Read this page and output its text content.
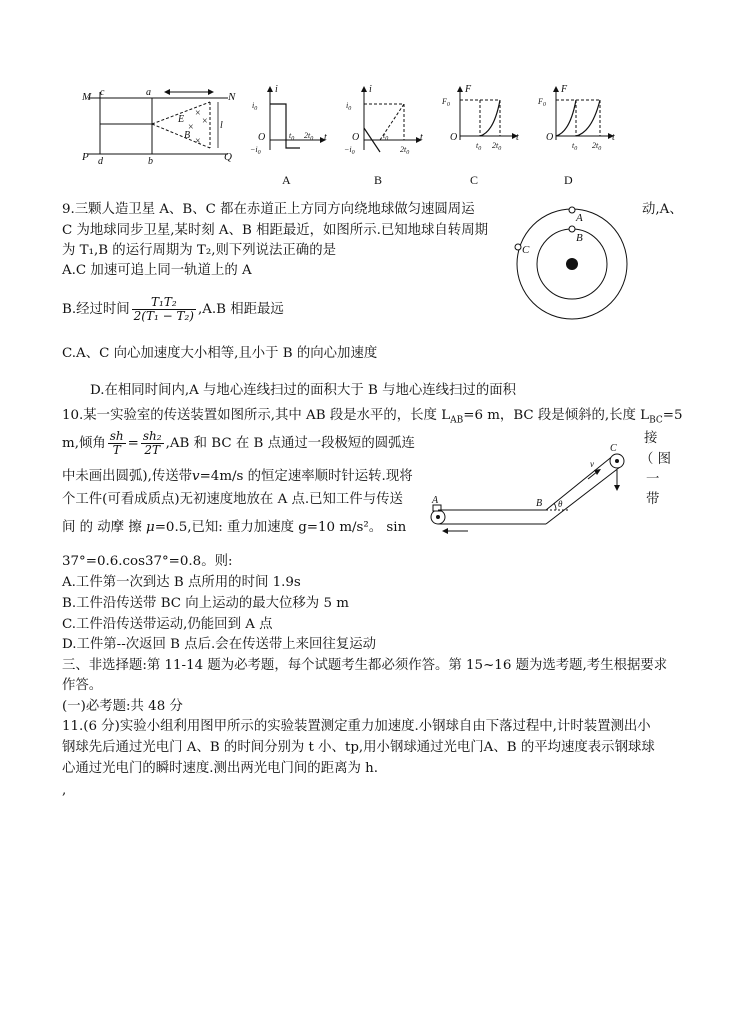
×
×
×
×
M	N
P	Q
c	a
d	b
E
B
l
i
$i_0$
$-i_0$
O	$t_0$ $2t_0$ t
A
i
$i_0$
$-i_0$
O	$t_0$
$2t_0$
t
B
F
$F_0$
O
$t_0$ $2t_0$
t
C
F
$F_0$
O
$t_0$ $2t_0$
t
D
9.三颗人造卫星 A、B、C 都在赤道正上方同方向绕地球做匀速圆周运	动,A、
C 为地球同步卫星,某时刻 A、B 相距最近，如图所示.已知地球自转周期
为 T₁,B 的运行周期为 T₂,则下列说法正确的是
A.C 加速可追上同一轨道上的 A
B.经过时间 $\frac{\text{T₁T₂}}{\text{2(T₁ − T₂)}} ,A.B$ 相距最远
C.A、C 向心加速度大小相等,且小于 B 的向心加速度
D.在相同时间内,A 与地心连线扫过的面积大于 B 与地心连线扫过的面积
A
B
C
10.某一实验室的传送装置如图所示,其中 AB 段是水平的，长度 $L_{AB}=6$ m，BC 段是倾斜的,长度 $L_{BC}=5$
m,倾角 $\frac{sh}{T} = \frac{\text{sh₂}}{2T} ,AB$ 和 BC 在 B 点通过一段极短的圆弧连	接
中未画出圆弧),传送带v=4m/s 的恒定速率顺时针运转.现将
（ 图
个工件(可看成质点)无初速度地放在 A 点.已知工件与传送
一
间 的 动摩 擦 μ=0.5,已知: 重力加速度 g=10 m/s²。 sin
带
37°=0.6.cos37°=0.8。则:
A	B
C
v
θ
A.工件第一次到达 B 点所用的时间 1.9s
B.工件沿传送带 BC 向上运动的最大位移为 5 m
C.工件沿传送带运动,仍能回到 A 点
D.工件第--次返回 B 点后.会在传送带上来回往复运动
三、非选择题:第 11-14 题为必考题，每个试题考生都必须作答。第 15~16 题为选考题,考生根据要求
作答。
(一)必考题:共 48 分
11.(6 分)实验小组利用图甲所示的实验装置测定重力加速度.小钢球自由下落过程中,计时装置测出小
钢球先后通过光电门 A、B 的时间分别为 t 小、tp,用小钢球通过光电门A、B 的平均速度表示钢球球
心通过光电门的瞬时速度.测出两光电门间的距离为 h.
,
